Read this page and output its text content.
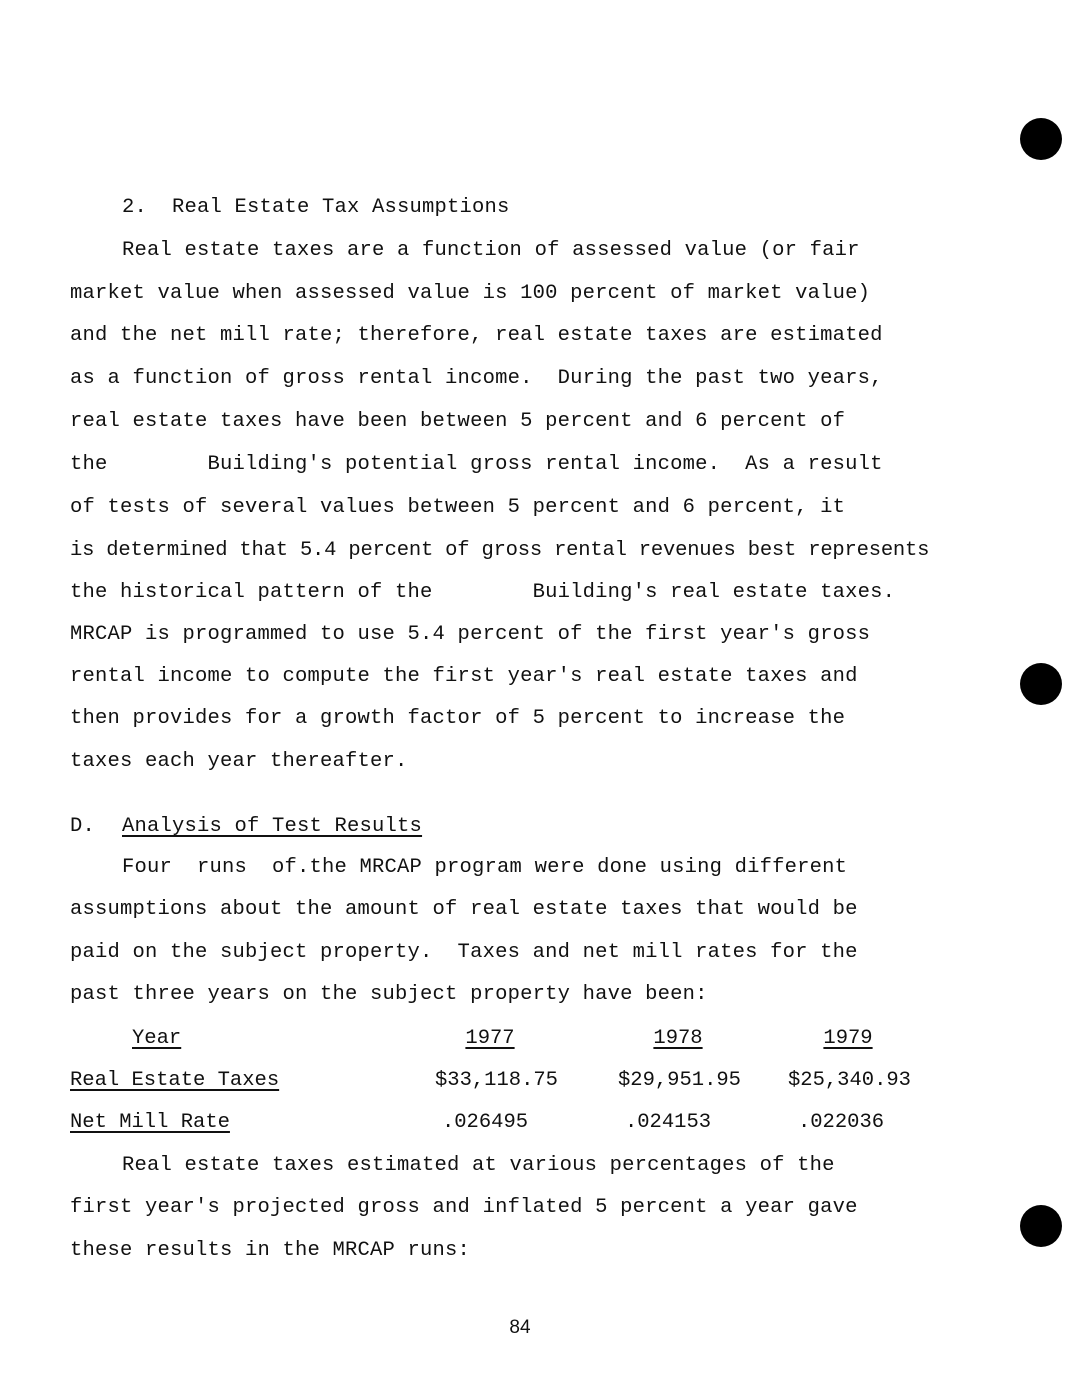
2.  Real Estate Tax Assumptions
Real estate taxes are a function of assessed value (or fair
market value when assessed value is 100 percent of market value)
and the net mill rate; therefore, real estate taxes are estimated
as a function of gross rental income.  During the past two years,
real estate taxes have been between 5 percent and 6 percent of
the        Building's potential gross rental income.  As a result
of tests of several values between 5 percent and 6 percent, it
is determined that 5.4 percent of gross rental revenues best represents
the historical pattern of the        Building's real estate taxes.
MRCAP is programmed to use 5.4 percent of the first year's gross
rental income to compute the first year's real estate taxes and
then provides for a growth factor of 5 percent to increase the
taxes each year thereafter.
D. Analysis of Test Results
Four  runs  of.the MRCAP program were done using different
assumptions about the amount of real estate taxes that would be
paid on the subject property.  Taxes and net mill rates for the
past three years on the subject property have been:
Year	1977	1978	1979
Real Estate Taxes	$33,118.75	$29,951.95	$25,340.93
Net Mill Rate	.026495	.024153	.022036
Real estate taxes estimated at various percentages of the
first year's projected gross and inflated 5 percent a year gave
these results in the MRCAP runs:
84
